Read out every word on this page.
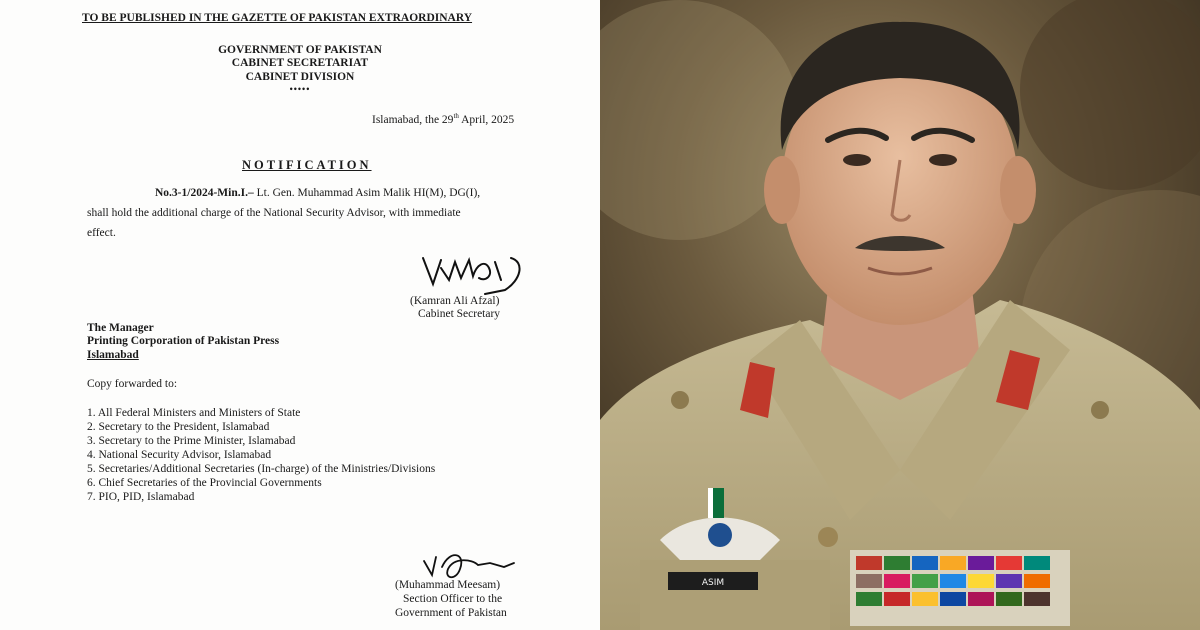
TO BE PUBLISHED IN THE GAZETTE OF PAKISTAN EXTRAORDINARY
GOVERNMENT OF PAKISTAN
CABINET SECRETARIAT
CABINET DIVISION
•••••
Islamabad, the 29th April, 2025
NOTIFICATION
No.3-1/2024-Min.I.– Lt. Gen. Muhammad Asim Malik HI(M), DG(I),
shall hold the additional charge of the National Security Advisor, with immediate
effect.
(Kamran Ali Afzal)
Cabinet Secretary
The Manager
Printing Corporation of Pakistan Press
Islamabad
Copy forwarded to:
1. All Federal Ministers and Ministers of State
2. Secretary to the President, Islamabad
3. Secretary to the Prime Minister, Islamabad
4. National Security Advisor, Islamabad
5. Secretaries/Additional Secretaries (In-charge) of the Ministries/Divisions
6. Chief Secretaries of the Provincial Governments
7. PIO, PID, Islamabad
(Muhammad Meesam)
Section Officer to the
Government of Pakistan
ASIM
